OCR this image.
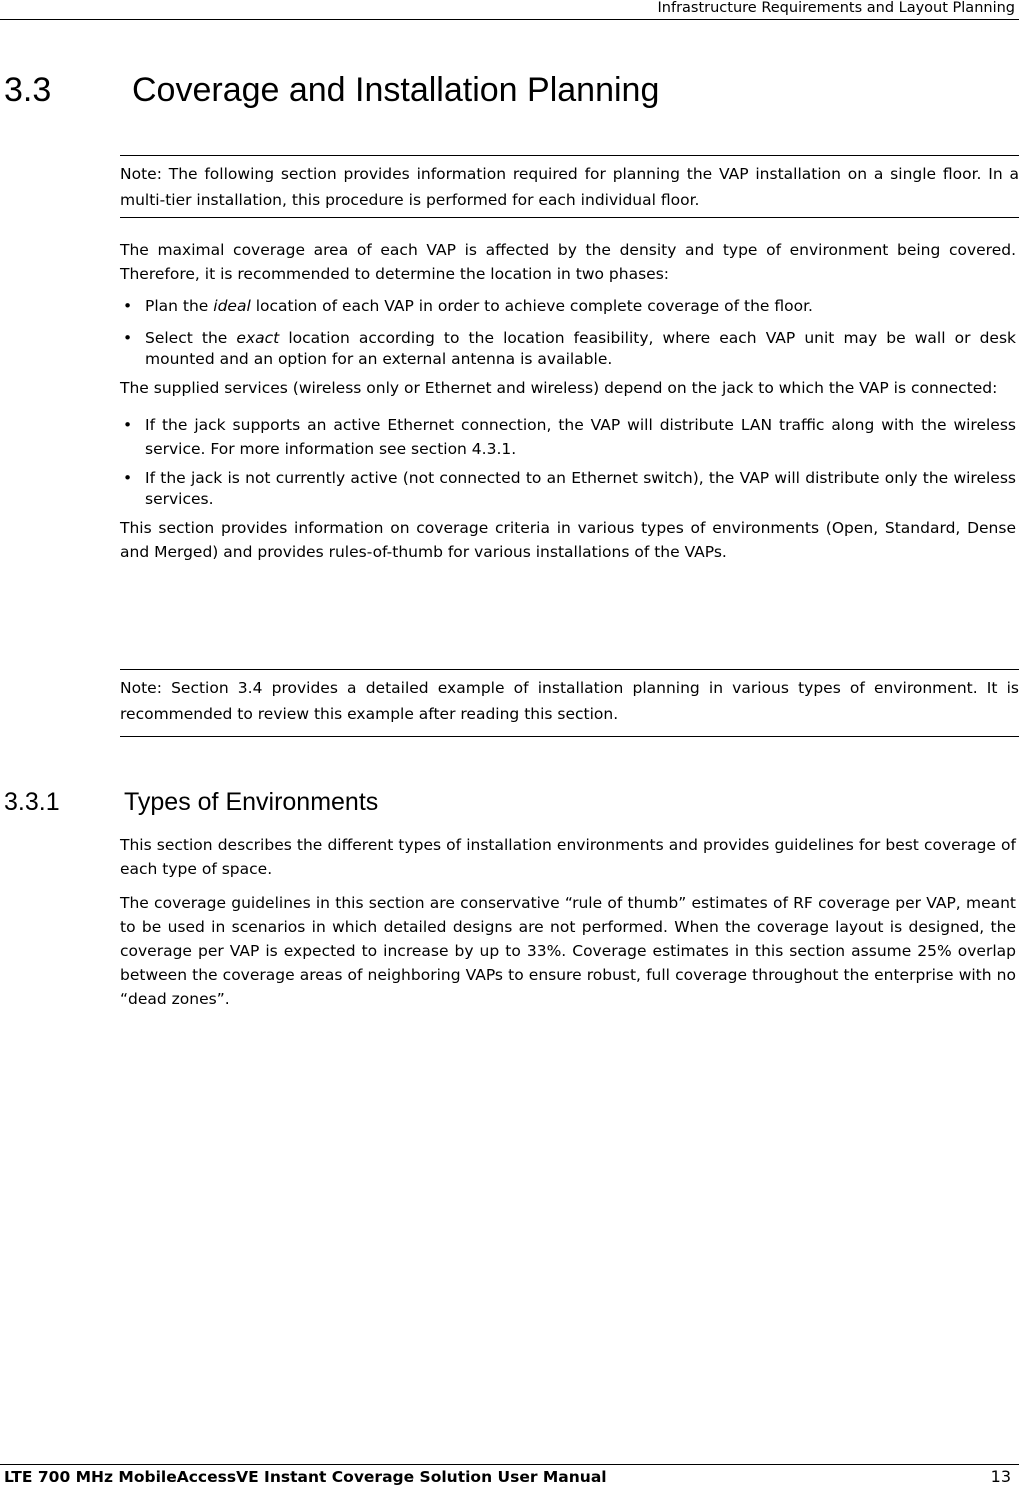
Infrastructure Requirements and Layout Planning
3.3 Coverage and Installation Planning
Note: The following section provides information required for planning the VAP installation on a single floor. In a multi-tier installation, this procedure is performed for each individual floor.

The maximal coverage area of each VAP is affected by the density and type of environment being covered. Therefore, it is recommended to determine the location in two phases:

• Plan the ideal location of each VAP in order to achieve complete coverage of the floor.
• Select the exact location according to the location feasibility, where each VAP unit may be wall or desk mounted and an option for an external antenna is available.

The supplied services (wireless only or Ethernet and wireless) depend on the jack to which the VAP is connected:

• If the jack supports an active Ethernet connection, the VAP will distribute LAN traffic along with the wireless service. For more information see section 4.3.1.
• If the jack is not currently active (not connected to an Ethernet switch), the VAP will distribute only the wireless services.

This section provides information on coverage criteria in various types of environments (Open, Standard, Dense and Merged) and provides rules-of-thumb for various installations of the VAPs.

Note: Section 3.4 provides a detailed example of installation planning in various types of environment. It is recommended to review this example after reading this section.
3.3.1	Types of Environments

This section describes the different types of installation environments and provides guidelines for best coverage of each type of space.

The coverage guidelines in this section are conservative “rule of thumb” estimates of RF coverage per VAP, meant to be used in scenarios in which detailed designs are not performed. When the coverage layout is designed, the coverage per VAP is expected to increase by up to 33%. Coverage estimates in this section assume 25% overlap between the coverage areas of neighboring VAPs to ensure robust, full coverage throughout the enterprise with no “dead zones”.

LTE 700 MHz MobileAccessVE Instant Coverage Solution User Manual	13
